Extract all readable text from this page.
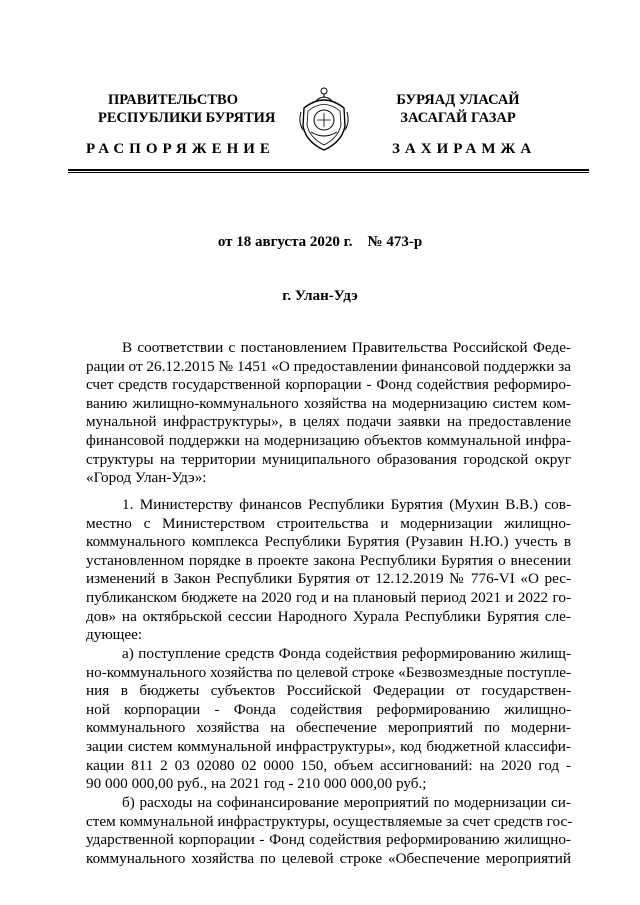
ПРАВИТЕЛЬСТВО
РЕСПУБЛИКИ БУРЯТИЯ
БУРЯАД УЛАСАЙ
ЗАСАГАЙ ГАЗАР
РАСПОРЯЖЕНИЕ	ЗАХИРАМЖА
от 18 августа 2020 г. № 473-р
г. Улан-Удэ
В соответствии с постановлением Правительства Российской Феде-
рации от 26.12.2015 № 1451 «О предоставлении финансовой поддержки за
счет средств государственной корпорации - Фонд содействия реформиро-
ванию жилищно-коммунального хозяйства на модернизацию систем ком-
мунальной инфраструктуры», в целях подачи заявки на предоставление
финансовой поддержки на модернизацию объектов коммунальной инфра-
структуры на территории муниципального образования городской округ
«Город Улан-Удэ»:
1. Министерству финансов Республики Бурятия (Мухин В.В.) сов-
местно с Министерством строительства и модернизации жилищно-
коммунального комплекса Республики Бурятия (Рузавин Н.Ю.) учесть в
установленном порядке в проекте закона Республики Бурятия о внесении
изменений в Закон Республики Бурятия от 12.12.2019 № 776-VI «О рес-
публиканском бюджете на 2020 год и на плановый период 2021 и 2022 го-
дов» на октябрьской сессии Народного Хурала Республики Бурятия сле-
дующее:
а) поступление средств Фонда содействия реформированию жилищ-
но-коммунального хозяйства по целевой строке «Безвозмездные поступле-
ния в бюджеты субъектов Российской Федерации от государствен-
ной корпорации - Фонда содействия реформированию жилищно-
коммунального хозяйства на обеспечение мероприятий по модерни-
зации систем коммунальной инфраструктуры», код бюджетной классифи-
кации 811 2 03 02080 02 0000 150, объем ассигнований: на 2020 год -
90 000 000,00 руб., на 2021 год - 210 000 000,00 руб.;
б) расходы на софинансирование мероприятий по модернизации си-
стем коммунальной инфраструктуры, осуществляемые за счет средств гос-
ударственной корпорации - Фонд содействия реформированию жилищно-
коммунального хозяйства по целевой строке «Обеспечение мероприятий
